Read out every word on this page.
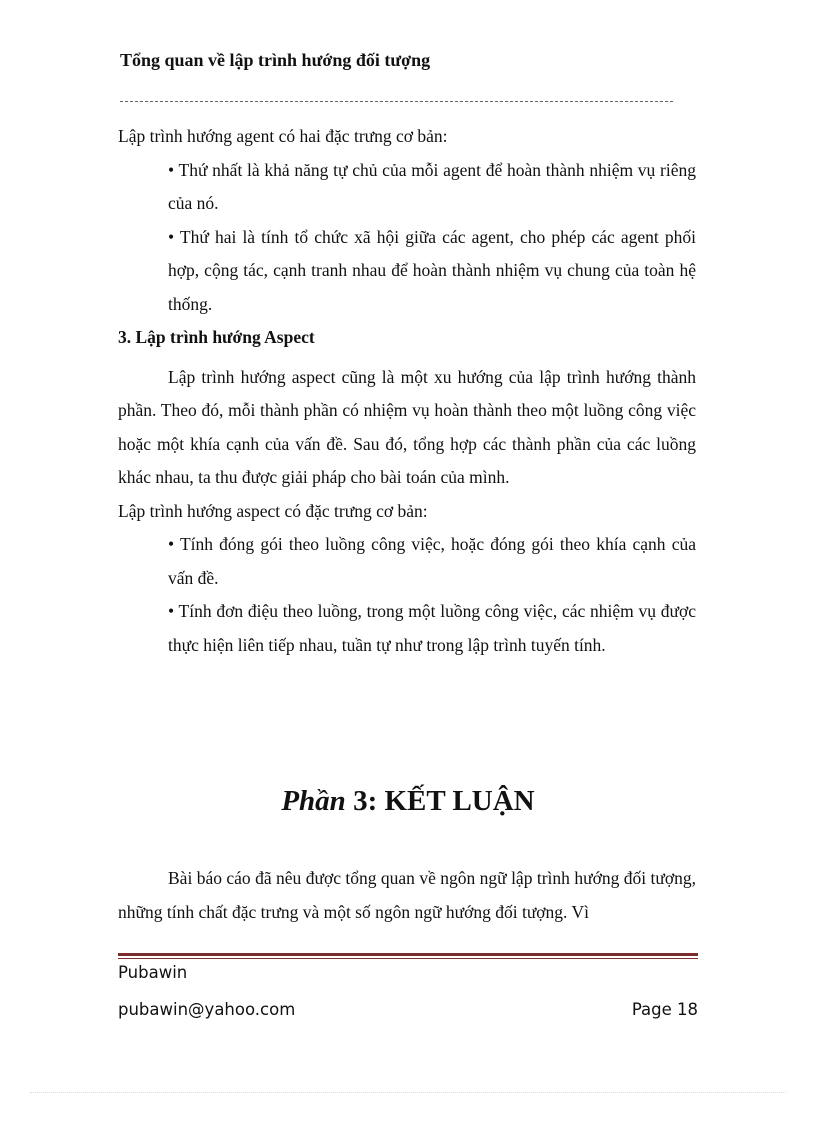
Tổng quan về lập trình hướng đối tượng

Lập trình hướng agent có hai đặc trưng cơ bản:

• Thứ nhất là khả năng tự chủ của mỗi agent để hoàn thành nhiệm vụ riêng của nó.

• Thứ hai là tính tổ chức xã hội giữa các agent, cho phép các agent phối hợp, cộng tác, cạnh tranh nhau để hoàn thành nhiệm vụ chung của toàn hệ thống.

3. Lập trình hướng Aspect

Lập trình hướng aspect cũng là một xu hướng của lập trình hướng thành phần. Theo đó, mỗi thành phần có nhiệm vụ hoàn thành theo một luồng công việc hoặc một khía cạnh của vấn đề. Sau đó, tổng hợp các thành phần của các luồng khác nhau, ta thu được giải pháp cho bài toán của mình.

Lập trình hướng aspect có đặc trưng cơ bản:

• Tính đóng gói theo luồng công việc, hoặc đóng gói theo khía cạnh của vấn đề.

• Tính đơn điệu theo luồng, trong một luồng công việc, các nhiệm vụ được thực hiện liên tiếp nhau, tuần tự như trong lập trình tuyến tính.

Phần 3: KẾT LUẬN

Bài báo cáo đã nêu được tổng quan về ngôn ngữ lập trình hướng đối tượng, những tính chất đặc trưng và một số ngôn ngữ hướng đối tượng. Vì

Pubawin
pubawin@yahoo.com	Page 18
